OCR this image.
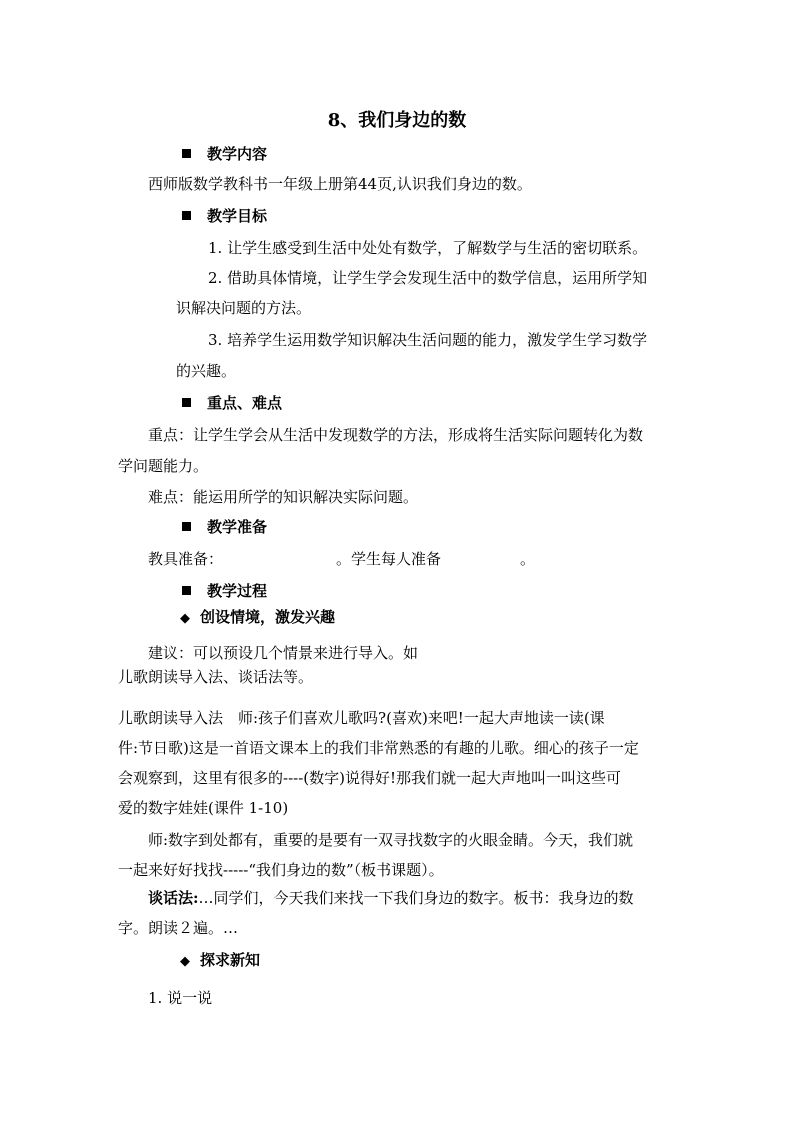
8、我们身边的数
教学内容
西师版数学教科书一年级上册第44页,认识我们身边的数。
教学目标
1. 让学生感受到生活中处处有数学，了解数学与生活的密切联系。
2. 借助具体情境，让学生学会发现生活中的数学信息，运用所学知
识解决问题的方法。
3. 培养学生运用数学知识解决生活问题的能力，激发学生学习数学
的兴趣。
重点、难点
重点：让学生学会从生活中发现数学的方法，形成将生活实际问题转化为数
学问题能力。
难点：能运用所学的知识解决实际问题。
教学准备
教具准备：	。学生每人准备	。
教学过程
◆ 创设情境，激发兴趣
建议：可以预设几个情景来进行导入。如
儿歌朗读导入法、谈话法等。
儿歌朗读导入法　师:孩子们喜欢儿歌吗?(喜欢)来吧!一起大声地读一读(课
件:节日歌)这是一首语文课本上的我们非常熟悉的有趣的儿歌。细心的孩子一定
会观察到，这里有很多的----(数字)说得好!那我们就一起大声地叫一叫这些可
爱的数字娃娃(课件 1-10)
师:数字到处都有，重要的是要有一双寻找数字的火眼金睛。今天，我们就
一起来好好找找-----“我们身边的数”（板书课题）。
谈话法:…同学们，今天我们来找一下我们身边的数字。板书：我身边的数
字。朗读２遍。…
◆ 探求新知
1. 说一说
